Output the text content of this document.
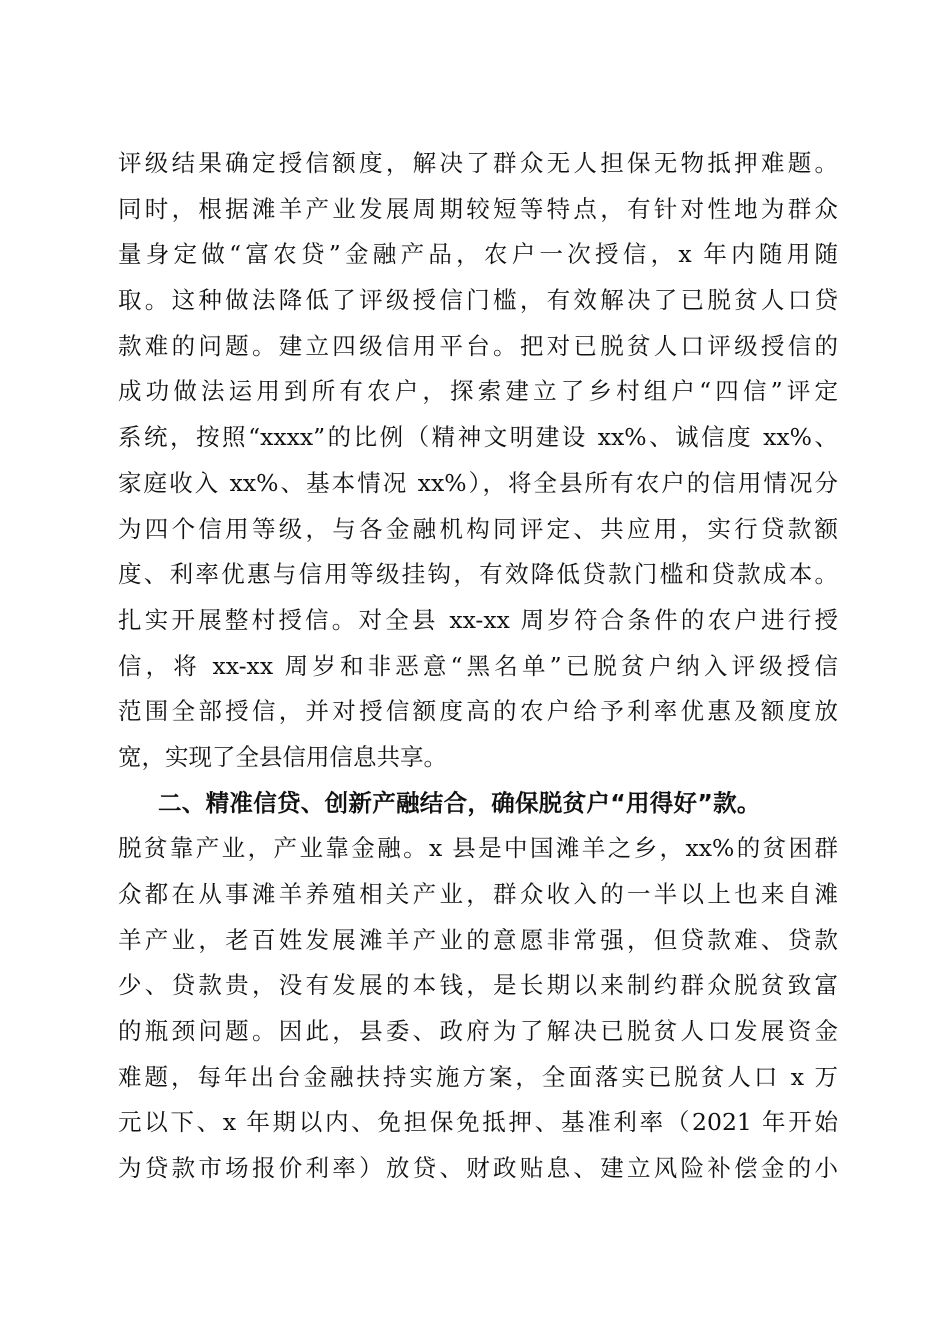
评级结果确定授信额度，解决了群众无人担保无物抵押难题。
同时，根据滩羊产业发展周期较短等特点，有针对性地为群众
量身定做“富农贷”金融产品，农户一次授信，x 年内随用随
取。这种做法降低了评级授信门槛，有效解决了已脱贫人口贷
款难的问题。建立四级信用平台。把对已脱贫人口评级授信的
成功做法运用到所有农户，探索建立了乡村组户“四信”评定
系统，按照“xxxx”的比例（精神文明建设 xx%、诚信度 xx%、
家庭收入 xx%、基本情况 xx%），将全县所有农户的信用情况分
为四个信用等级，与各金融机构同评定、共应用，实行贷款额
度、利率优惠与信用等级挂钩，有效降低贷款门槛和贷款成本。
扎实开展整村授信。对全县 xx-xx 周岁符合条件的农户进行授
信，将 xx-xx 周岁和非恶意“黑名单”已脱贫户纳入评级授信
范围全部授信，并对授信额度高的农户给予利率优惠及额度放
宽，实现了全县信用信息共享。
二、精准信贷、创新产融结合，确保脱贫户“用得好”款。
脱贫靠产业，产业靠金融。x 县是中国滩羊之乡，xx%的贫困群
众都在从事滩羊养殖相关产业，群众收入的一半以上也来自滩
羊产业，老百姓发展滩羊产业的意愿非常强，但贷款难、贷款
少、贷款贵，没有发展的本钱，是长期以来制约群众脱贫致富
的瓶颈问题。因此，县委、政府为了解决已脱贫人口发展资金
难题，每年出台金融扶持实施方案，全面落实已脱贫人口 x 万
元以下、x 年期以内、免担保免抵押、基准利率（2021 年开始
为贷款市场报价利率）放贷、财政贴息、建立风险补偿金的小
